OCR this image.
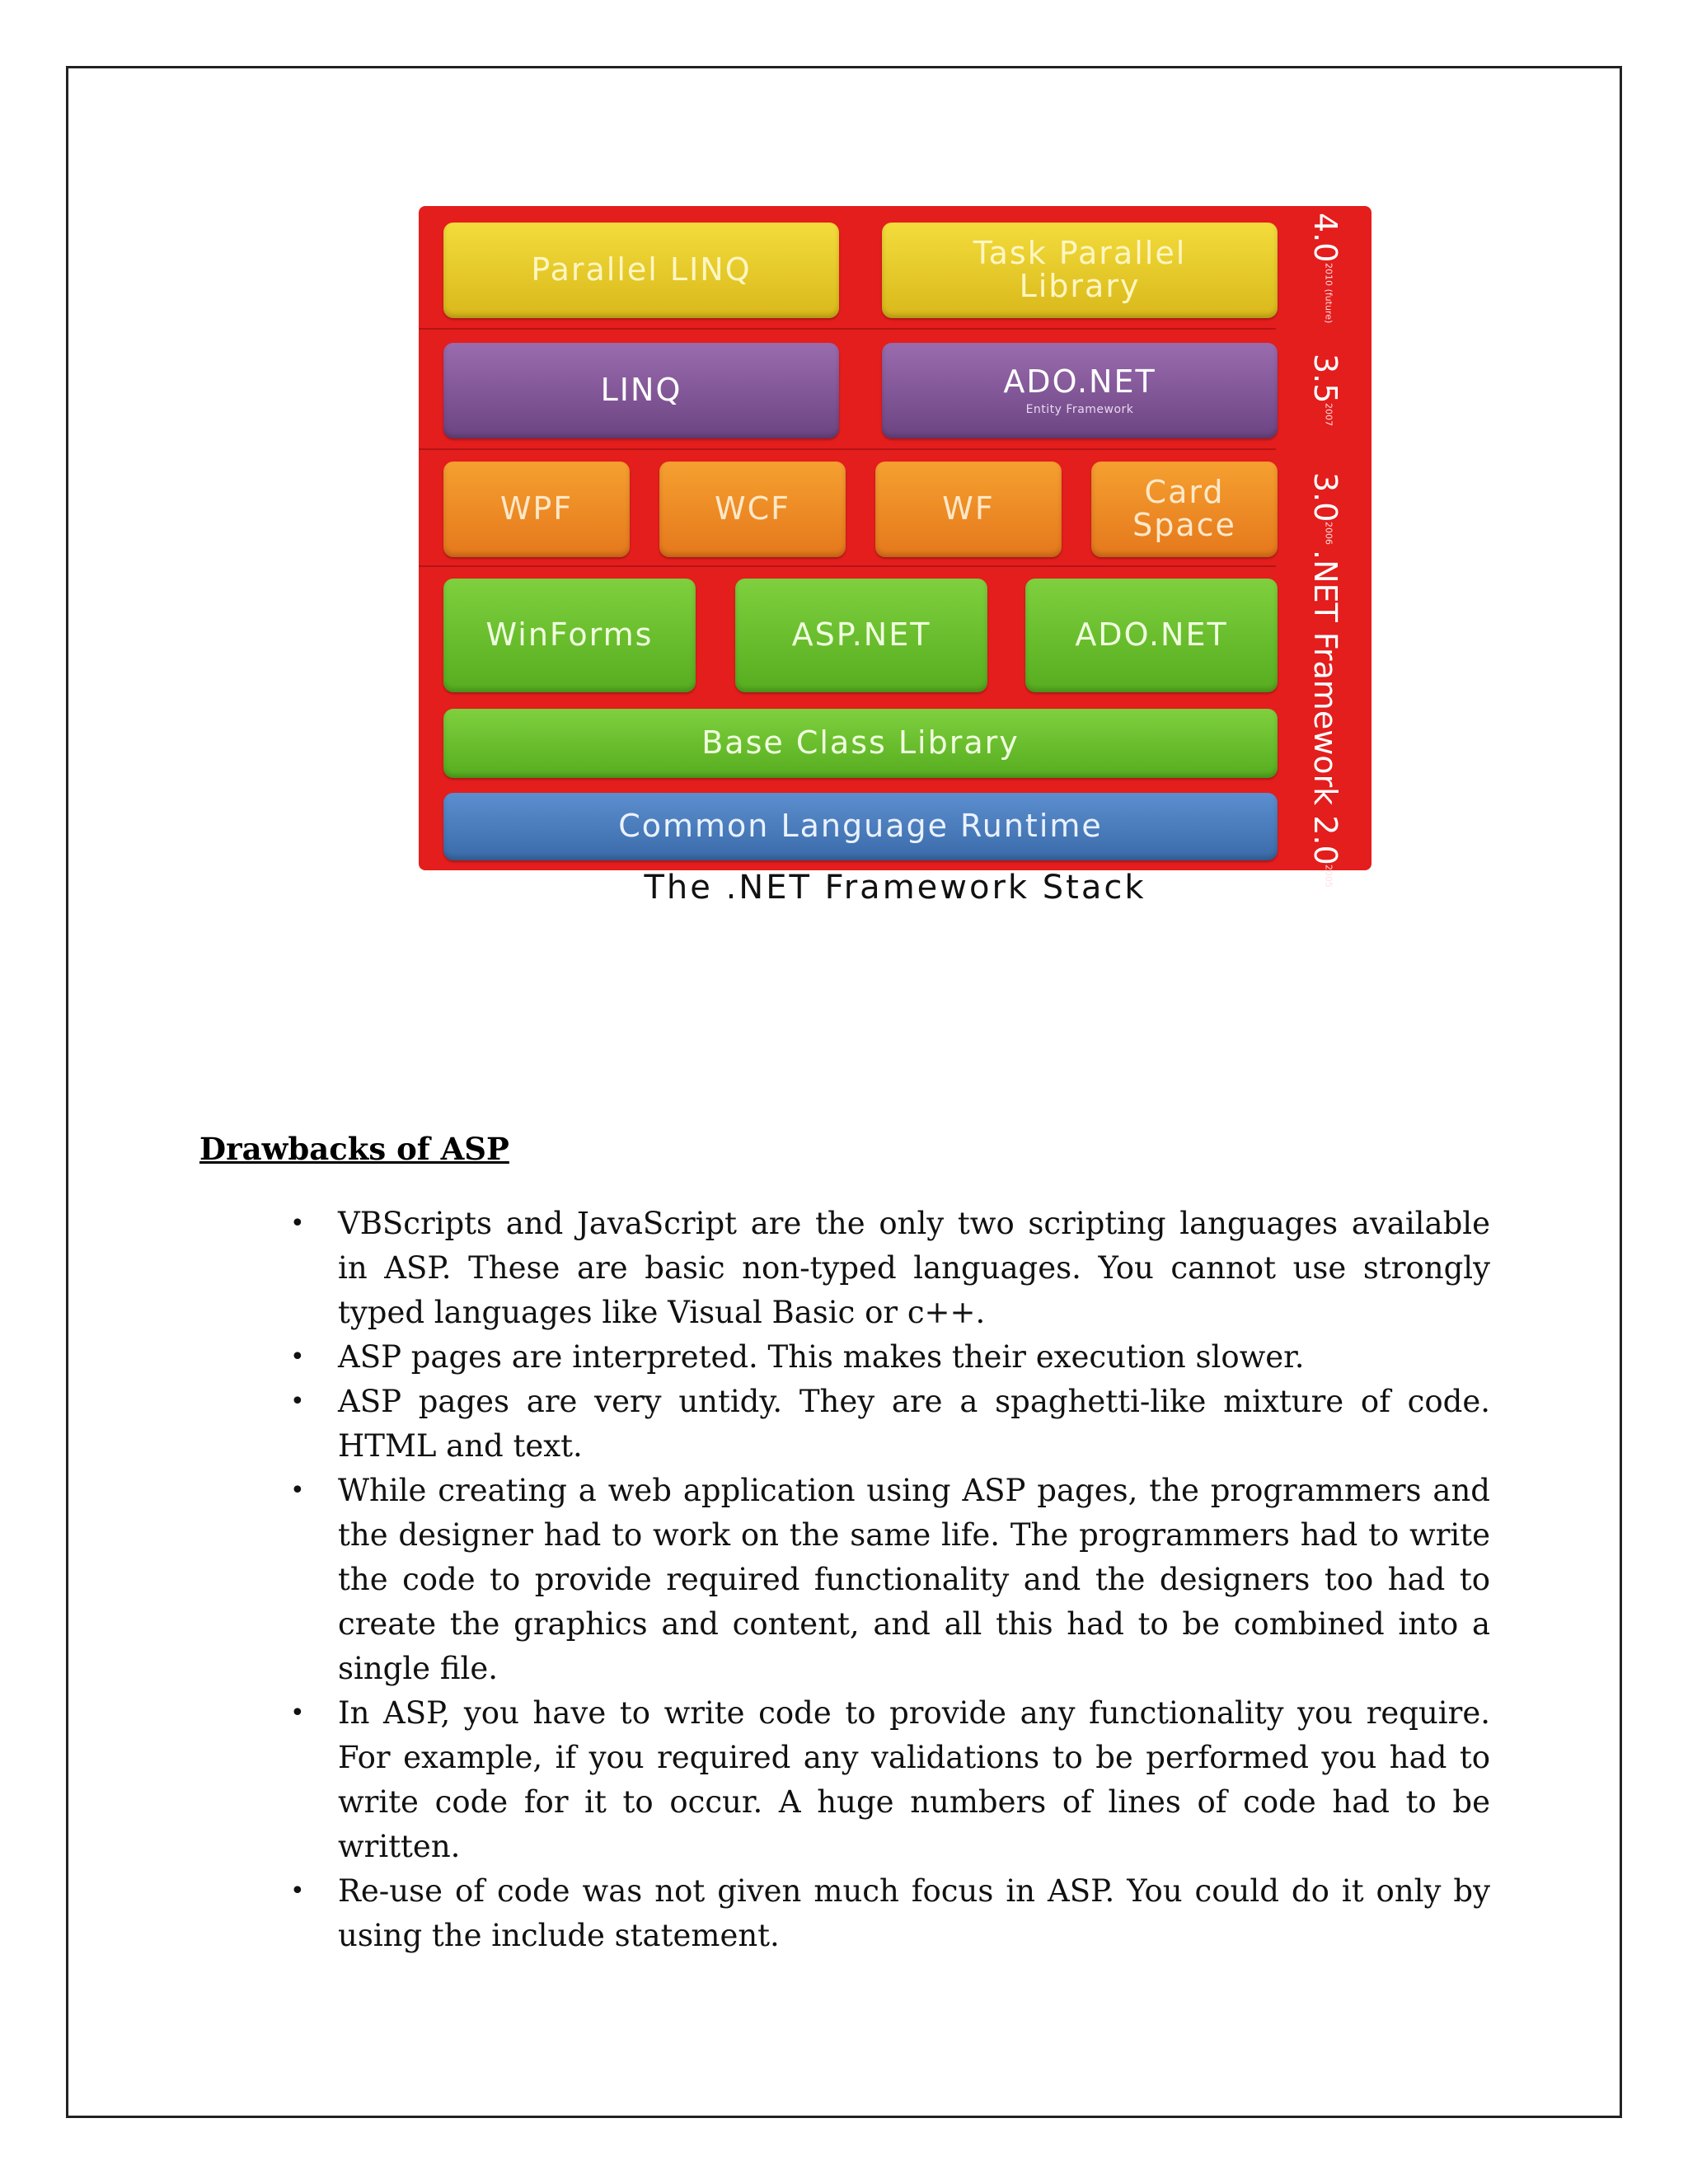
Parallel LINQ	Task Parallel Library
4.0
2010 (future)
LINQ	ADO.NET
Entity Framework
3.5
2007
WPF	WCF	WF	Card Space
3.0
2006
WinForms	ASP.NET	ADO.NET
Base Class Library
Common Language Runtime	.NET Framework 2.0
2005
The .NET Framework Stack
Drawbacks of ASP
• VBScripts and JavaScript are the only two scripting languages available in ASP. These are basic non-typed languages. You cannot use strongly typed languages like Visual Basic or c++.
• ASP pages are interpreted. This makes their execution slower.
• ASP pages are very untidy. They are a spaghetti-like mixture of code. HTML and text.
• While creating a web application using ASP pages, the programmers and the designer had to work on the same life. The programmers had to write the code to provide required functionality and the designers too had to create the graphics and content, and all this had to be combined into a single file.
• In ASP, you have to write code to provide any functionality you require. For example, if you required any validations to be performed you had to write code for it to occur. A huge numbers of lines of code had to be written.
• Re-use of code was not given much focus in ASP. You could do it only by using the include statement.
